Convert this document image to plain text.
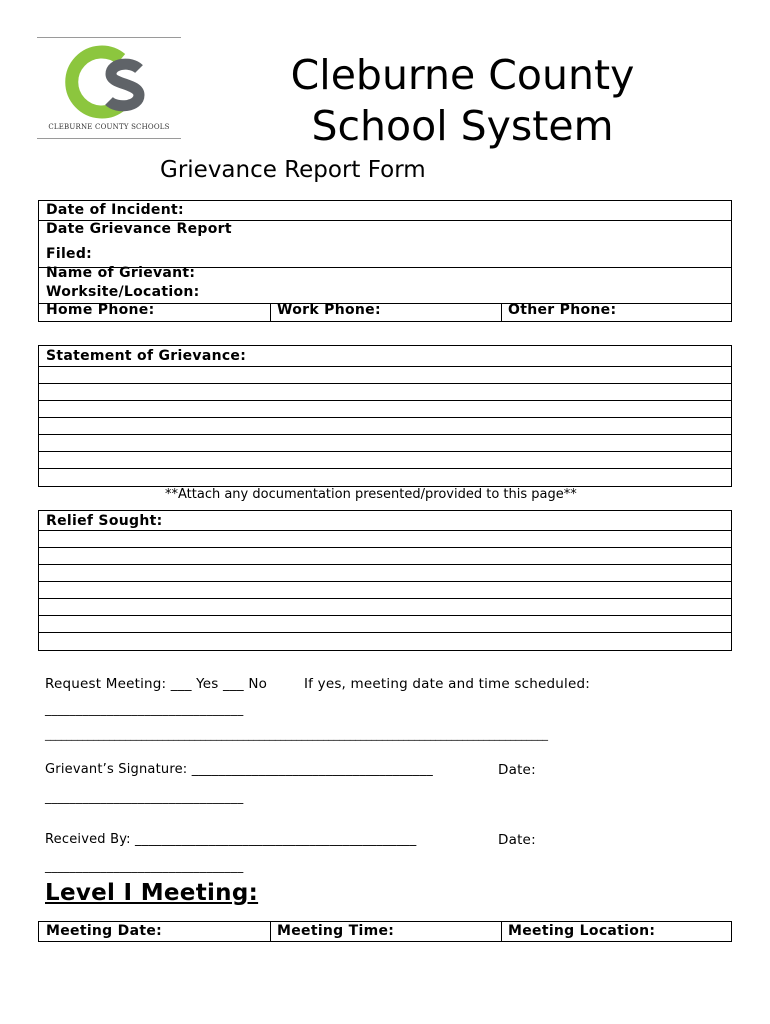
CLEBURNE COUNTY SCHOOLS
Cleburne County
School System
Grievance Report Form
Date of Incident:
Date Grievance Report
Filed:
Name of Grievant:
Worksite/Location:
Home Phone:	Work Phone:	Other Phone:
Statement of Grievance:
**Attach any documentation presented/provided to this page**
Relief Sought:
Request Meeting: ___ Yes ___ No	If yes, meeting date and time scheduled:
________________________________
______________________________________________________________________________________________
Grievant’s Signature: ____________________________________	Date:
________________________________
Received By: __________________________________________	Date:
________________________________
Level I Meeting:
Meeting Date:	Meeting Time:	Meeting Location:
